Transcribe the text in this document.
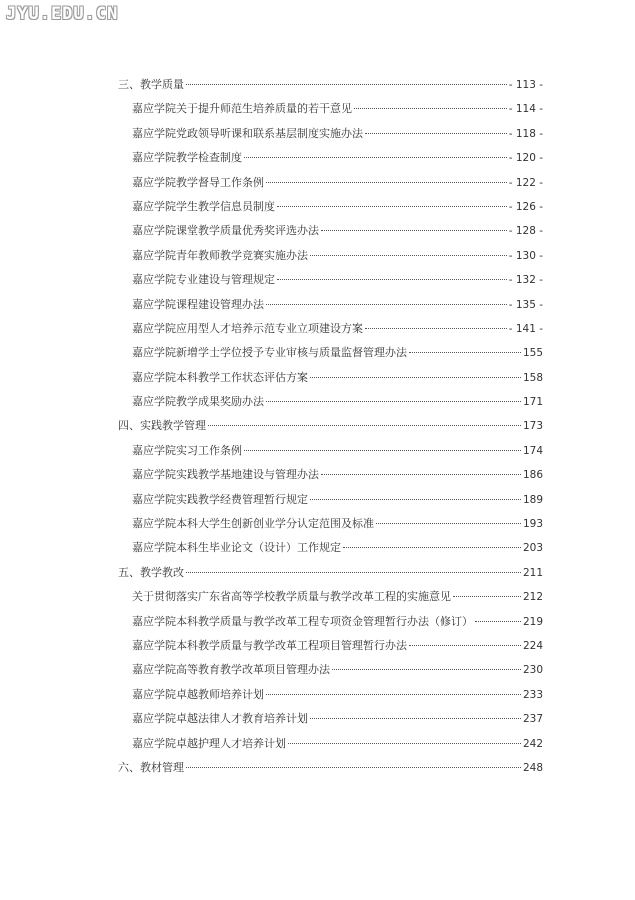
JYU.EDU.CN
三、教学质量	- 113 -
嘉应学院关于提升师范生培养质量的若干意见	- 114 -
嘉应学院党政领导听课和联系基层制度实施办法	- 118 -
嘉应学院教学检查制度	- 120 -
嘉应学院教学督导工作条例	- 122 -
嘉应学院学生教学信息员制度	- 126 -
嘉应学院课堂教学质量优秀奖评选办法	- 128 -
嘉应学院青年教师教学竞赛实施办法	- 130 -
嘉应学院专业建设与管理规定	- 132 -
嘉应学院课程建设管理办法	- 135 -
嘉应学院应用型人才培养示范专业立项建设方案	- 141 -
嘉应学院新增学士学位授予专业审核与质量监督管理办法	155
嘉应学院本科教学工作状态评估方案	158
嘉应学院教学成果奖励办法	171
四、实践教学管理	173
嘉应学院实习工作条例	174
嘉应学院实践教学基地建设与管理办法	186
嘉应学院实践教学经费管理暂行规定	189
嘉应学院本科大学生创新创业学分认定范围及标准	193
嘉应学院本科生毕业论文（设计）工作规定	203
五、教学教改	211
关于贯彻落实广东省高等学校教学质量与教学改革工程的实施意见	212
嘉应学院本科教学质量与教学改革工程专项资金管理暂行办法（修订）	219
嘉应学院本科教学质量与教学改革工程项目管理暂行办法	224
嘉应学院高等教育教学改革项目管理办法	230
嘉应学院卓越教师培养计划	233
嘉应学院卓越法律人才教育培养计划	237
嘉应学院卓越护理人才培养计划	242
六、教材管理	248
